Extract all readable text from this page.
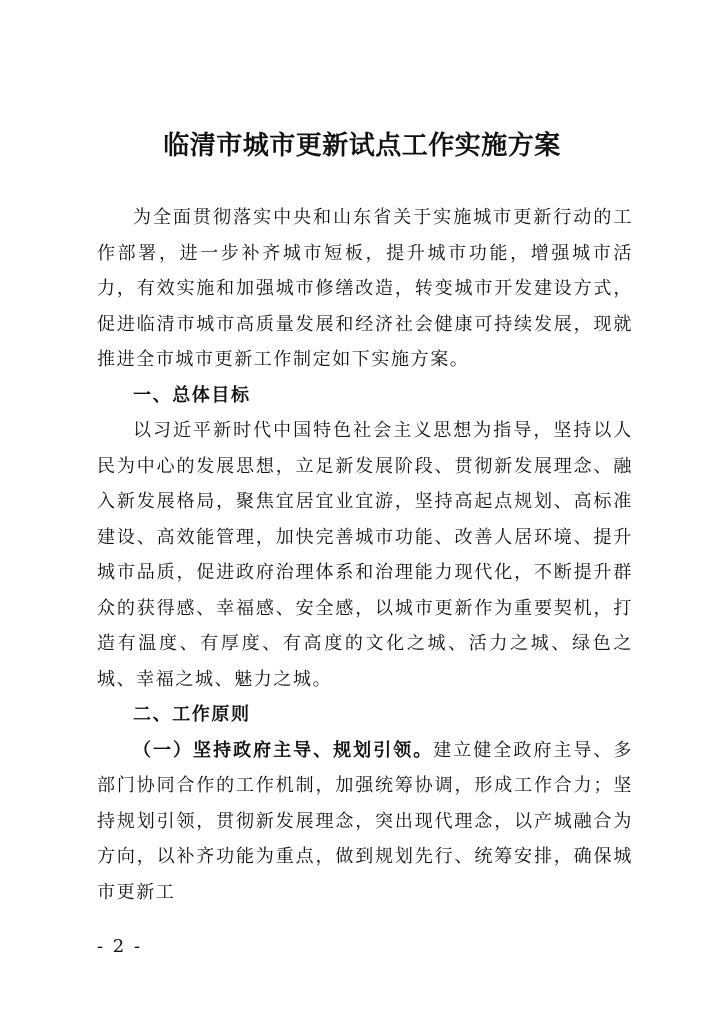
临清市城市更新试点工作实施方案

为全面贯彻落实中央和山东省关于实施城市更新行动的工作部署，进一步补齐城市短板，提升城市功能，增强城市活力，有效实施和加强城市修缮改造，转变城市开发建设方式，促进临清市城市高质量发展和经济社会健康可持续发展，现就推进全市城市更新工作制定如下实施方案。

一、总体目标

以习近平新时代中国特色社会主义思想为指导，坚持以人民为中心的发展思想，立足新发展阶段、贯彻新发展理念、融入新发展格局，聚焦宜居宜业宜游，坚持高起点规划、高标准建设、高效能管理，加快完善城市功能、改善人居环境、提升城市品质，促进政府治理体系和治理能力现代化，不断提升群众的获得感、幸福感、安全感，以城市更新作为重要契机，打造有温度、有厚度、有高度的文化之城、活力之城、绿色之城、幸福之城、魅力之城。

二、工作原则

（一）坚持政府主导、规划引领。建立健全政府主导、多部门协同合作的工作机制，加强统筹协调，形成工作合力；坚持规划引领，贯彻新发展理念，突出现代理念，以产城融合为方向，以补齐功能为重点，做到规划先行、统筹安排，确保城市更新工

- 2 -
